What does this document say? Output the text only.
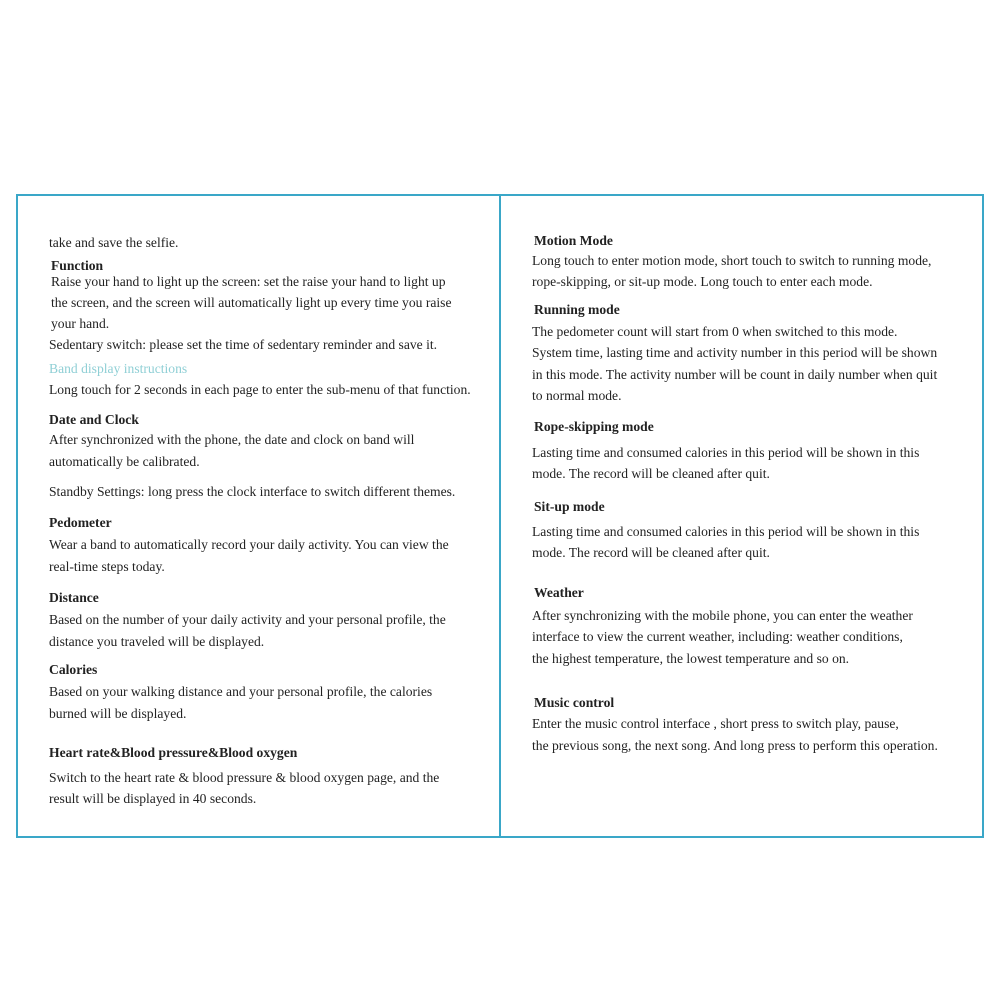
take and save the selfie.
Function
Raise your hand to light up the screen: set the raise your hand to light up
the screen, and the screen will automatically light up every time you raise
your hand.
Sedentary switch: please set the time of sedentary reminder and save it.
Band display instructions
Long touch for 2 seconds in each page to enter the sub-menu of that function.
Date and Clock
After synchronized with the phone, the date and clock on band will
automatically be calibrated.
Standby Settings: long press the clock interface to switch different themes.
Pedometer
Wear a band to automatically record your daily activity. You can view the
real-time steps today.
Distance
Based on the number of your daily activity and your personal profile, the
distance you traveled will be displayed.
Calories
Based on your walking distance and your personal profile, the calories
burned will be displayed.
Heart rate&Blood pressure&Blood oxygen
Switch to the heart rate & blood pressure & blood oxygen page, and the
result will be displayed in 40 seconds.
Motion Mode
Long touch to enter motion mode, short touch to switch to running mode,
rope-skipping, or sit-up mode. Long touch to enter each mode.
Running mode
The pedometer count will start from 0 when switched to this mode.
System time, lasting time and activity number in this period will be shown
in this mode. The activity number will be count in daily number when quit
to normal mode.
Rope-skipping mode
Lasting time and consumed calories in this period will be shown in this
mode. The record will be cleaned after quit.
Sit-up mode
Lasting time and consumed calories in this period will be shown in this
mode. The record will be cleaned after quit.
Weather
After synchronizing with the mobile phone, you can enter the weather
interface to view the current weather, including: weather conditions,
the highest temperature, the lowest temperature and so on.
Music control
Enter the music control interface , short press to switch play, pause,
the previous song, the next song. And long press to perform this operation.
